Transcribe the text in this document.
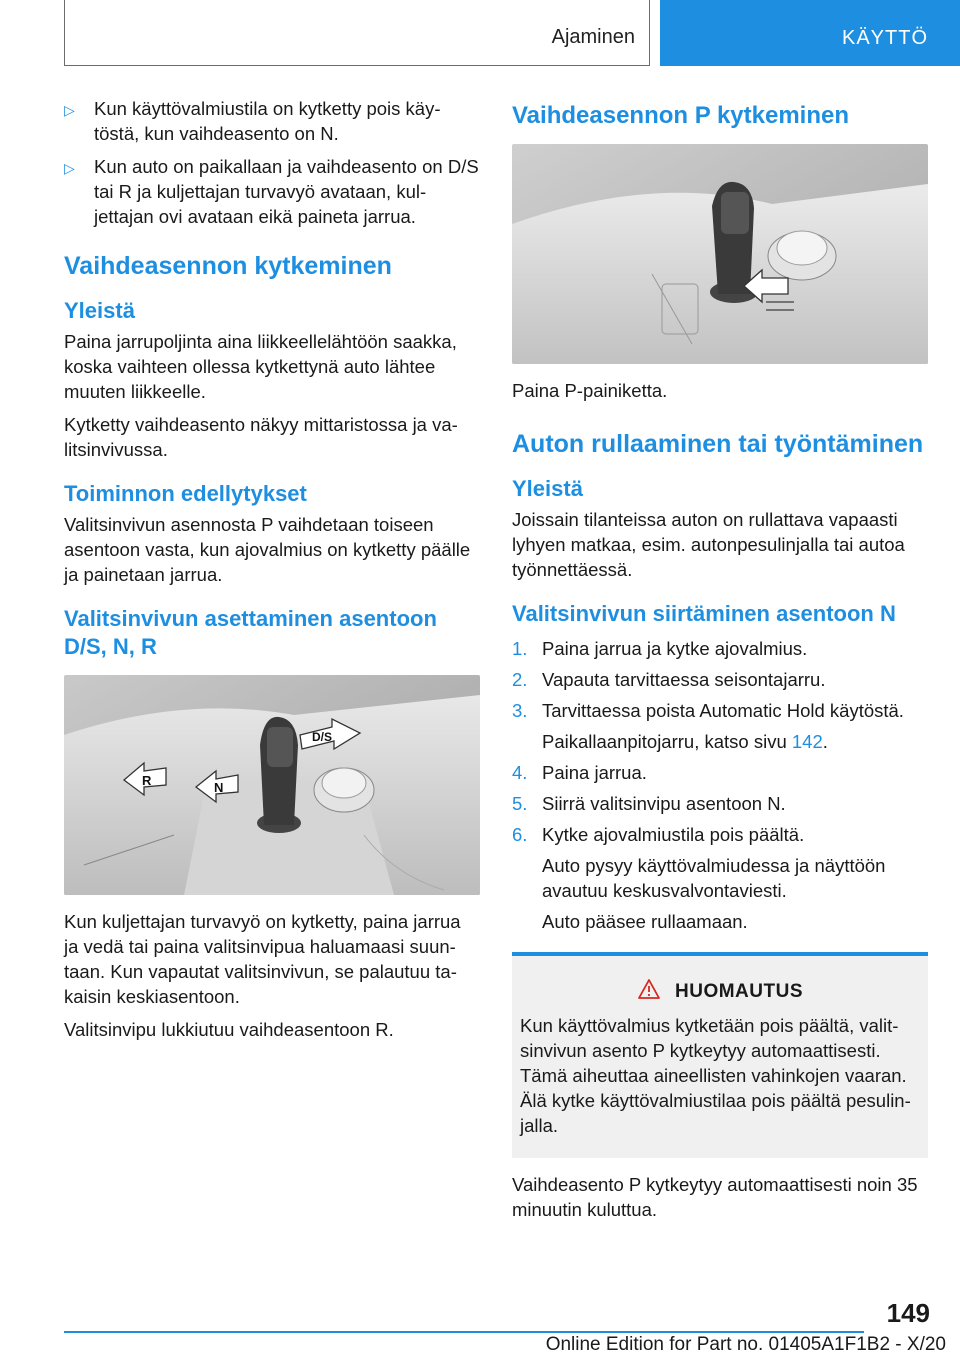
Ajaminen	KÄYTTÖ
▷	Kun käyttövalmiustila on kytketty pois käy-töstä, kun vaihdeasento on N.
▷	Kun auto on paikallaan ja vaihdeasento on D/S tai R ja kuljettajan turvavyö avataan, kul-jettajan ovi avataan eikä paineta jarrua.
Vaihdeasennon kytkeminen
Yleistä

Paina jarrupoljinta aina liikkeellelähtöön saakka, koska vaihteen ollessa kytkettynä auto lähtee muuten liikkeelle.

Kytketty vaihdeasento näkyy mittaristossa ja va-litsinvivussa.

Toiminnon edellytykset

Valitsinvivun asennosta P vaihdetaan toiseen asentoon vasta, kun ajovalmius on kytketty päälle ja painetaan jarrua.

Valitsinvivun asettaminen asentoon D/S, N, R
R	N
D/S

Kun kuljettajan turvavyö on kytketty, paina jarrua ja vedä tai paina valitsinvipua haluamaasi suun-taan. Kun vapautat valitsinvivun, se palautuu ta-kaisin keskiasentoon.

Valitsinvipu lukkiutuu vaihdeasentoon R.

Vaihdeasennon P kytkeminen

Paina P-painiketta.

Auton rullaaminen tai työntäminen
Yleistä

Joissain tilanteissa auton on rullattava vapaasti lyhyen matkaa, esim. autonpesulinjalla tai autoa työnnettäessä.

Valitsinvivun siirtäminen asentoon N
1. Paina jarrua ja kytke ajovalmius.
2. Vapauta tarvittaessa seisontajarru.
3. Tarvittaessa poista Automatic Hold käytöstä.
Paikallaanpitojarru, katso sivu 142.
4. Paina jarrua.
5. Siirrä valitsinvipu asentoon N.
6. Kytke ajovalmiustila pois päältä.
Auto pysyy käyttövalmiudessa ja näyttöön avautuu keskusvalvontaviesti.
Auto pääsee rullaamaan.
HUOMAUTUS

Kun käyttövalmius kytketään pois päältä, valit-sinvivun asento P kytkeytyy automaattisesti. Tämä aiheuttaa aineellisten vahinkojen vaaran. Älä kytke käyttövalmiustilaa pois päältä pesulin-jalla.

Vaihdeasento P kytkeytyy automaattisesti noin 35 minuutin kuluttua.

149
Online Edition for Part no. 01405A1F1B2 - X/20
